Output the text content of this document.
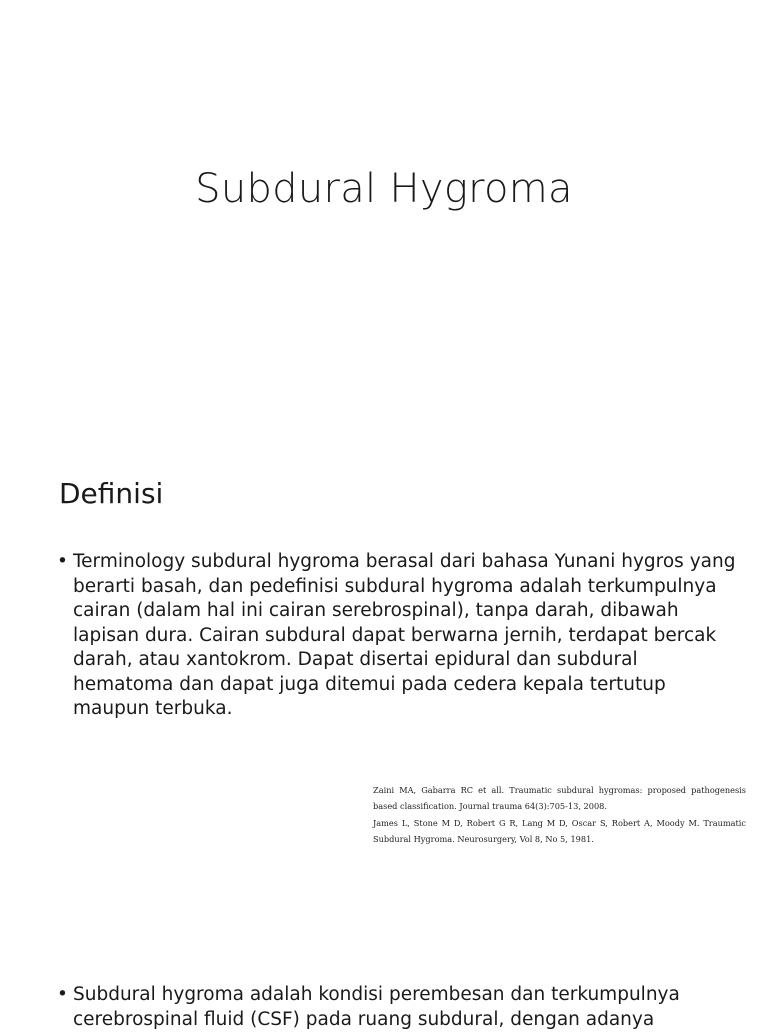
Subdural Hygroma
Definisi
• Terminology subdural hygroma berasal dari bahasa Yunani hygros yang berarti basah, dan pedefinisi subdural hygroma adalah terkumpulnya cairan (dalam hal ini cairan serebrospinal), tanpa darah, dibawah lapisan dura. Cairan subdural dapat berwarna jernih, terdapat bercak darah, atau xantokrom. Dapat disertai epidural dan subdural hematoma dan dapat juga ditemui pada cedera kepala tertutup maupun terbuka.
Zaini MA, Gabarra RC et all. Traumatic subdural hygromas: proposed pathogenesis based classification. Journal trauma 64(3):705-13, 2008.
James L, Stone M D, Robert G R, Lang M D, Oscar S, Robert A, Moody M. Traumatic Subdural Hygroma. Neurosurgery, Vol 8, No 5, 1981.
• Subdural hygroma adalah kondisi perembesan dan terkumpulnya cerebrospinal fluid (CSF) pada ruang subdural, dengan adanya
